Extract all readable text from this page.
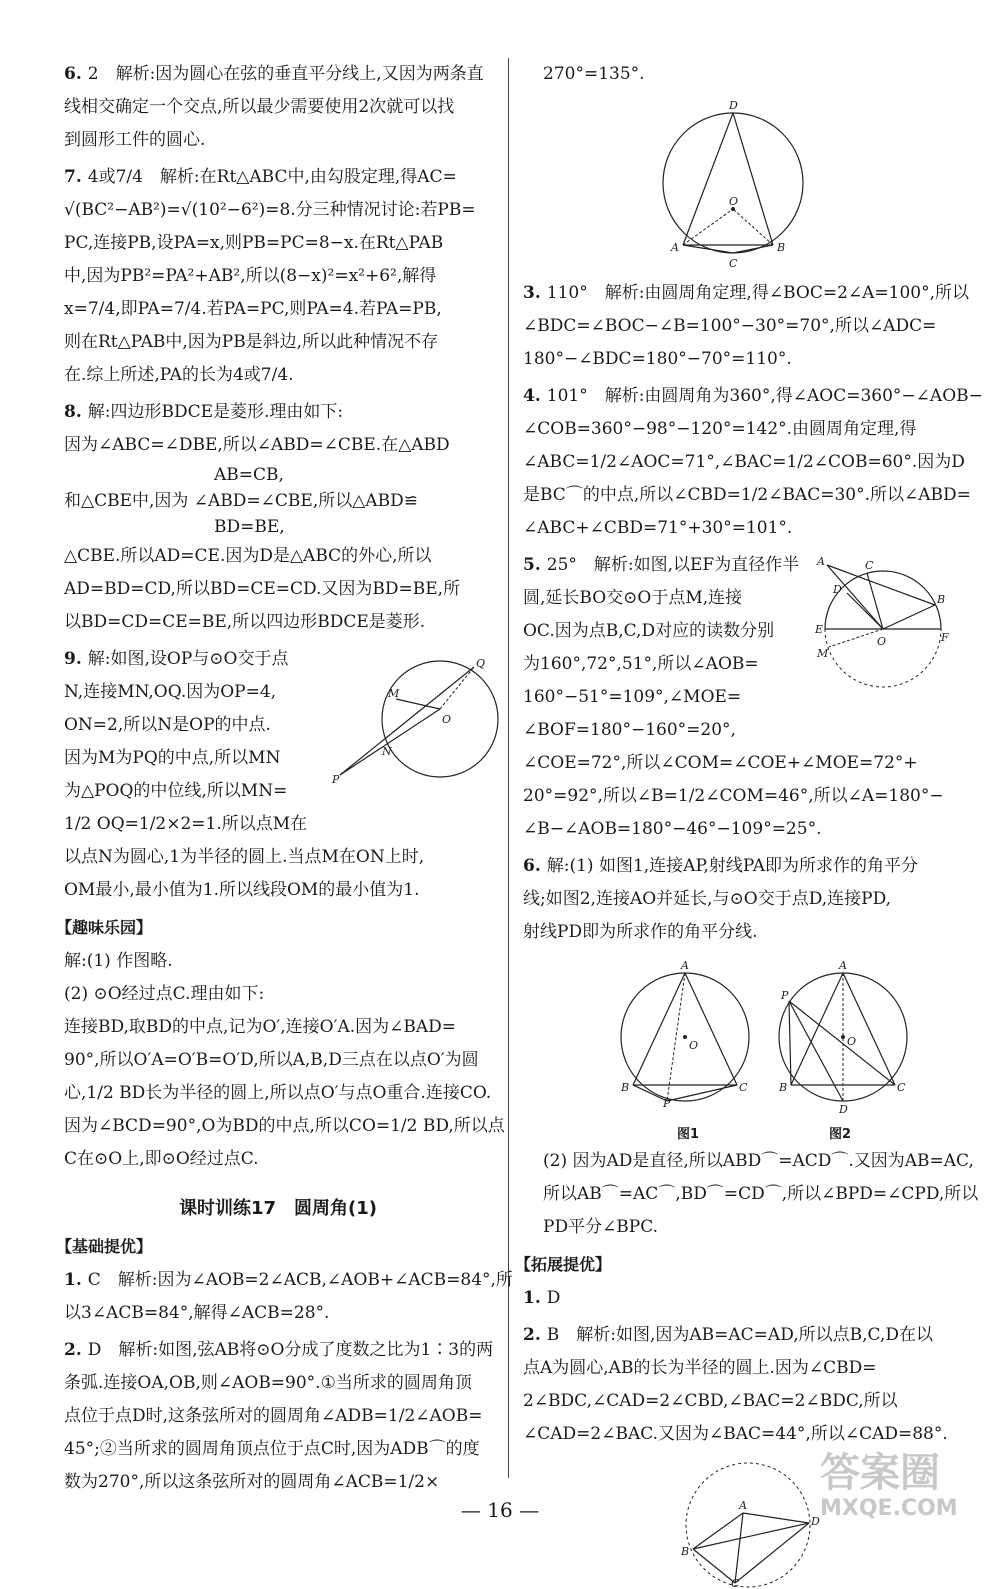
6. 2　解析:因为圆心在弦的垂直平分线上,又因为两条直
线相交确定一个交点,所以最少需要使用2次就可以找
到圆形工件的圆心.
7. 4或7/4　解析:在Rt△ABC中,由勾股定理,得AC=
√(BC²−AB²)=√(10²−6²)=8.分三种情况讨论:若PB=
PC,连接PB,设PA=x,则PB=PC=8−x.在Rt△PAB
中,因为PB²=PA²+AB²,所以(8−x)²=x²+6²,解得
x=7/4,即PA=7/4.若PA=PC,则PA=4.若PA=PB,
则在Rt△PAB中,因为PB是斜边,所以此种情况不存
在.综上所述,PA的长为4或7/4.
8. 解:四边形BDCE是菱形.理由如下:
因为∠ABC=∠DBE,所以∠ABD=∠CBE.在△ABD
AB=CB,
和△CBE中,因为 ∠ABD=∠CBE,所以△ABD≌
BD=BE,
△CBE.所以AD=CE.因为D是△ABC的外心,所以
AD=BD=CD,所以BD=CE=CD.又因为BD=BE,所
以BD=CD=CE=BE,所以四边形BDCE是菱形.
P
Q
M
O
N
9. 解:如图,设OP与⊙O交于点
N,连接MN,OQ.因为OP=4,
ON=2,所以N是OP的中点.
因为M为PQ的中点,所以MN
为△POQ的中位线,所以MN=
1/2 OQ=1/2×2=1.所以点M在
以点N为圆心,1为半径的圆上.当点M在ON上时,
OM最小,最小值为1.所以线段OM的最小值为1.
【趣味乐园】
解:(1) 作图略.
(2) ⊙O经过点C.理由如下:
连接BD,取BD的中点,记为O′,连接O′A.因为∠BAD=
90°,所以O′A=O′B=O′D,所以A,B,D三点在以点O′为圆
心,1/2 BD长为半径的圆上,所以点O′与点O重合.连接CO.
因为∠BCD=90°,O为BD的中点,所以CO=1/2 BD,所以点
C在⊙O上,即⊙O经过点C.
课时训练17　圆周角(1)
【基础提优】
1. C　解析:因为∠AOB=2∠ACB,∠AOB+∠ACB=84°,所
以3∠ACB=84°,解得∠ACB=28°.
2. D　解析:如图,弦AB将⊙O分成了度数之比为1∶3的两
条弧.连接OA,OB,则∠AOB=90°.①当所求的圆周角顶
点位于点D时,这条弦所对的圆周角∠ADB=1/2∠AOB=
45°;②当所求的圆周角顶点位于点C时,因为ADB⌒的度
数为270°,所以这条弦所对的圆周角∠ACB=1/2×
270°=135°.
D
O
A	B
C
3. 110°　解析:由圆周角定理,得∠BOC=2∠A=100°,所以
∠BDC=∠BOC−∠B=100°−30°=70°,所以∠ADC=
180°−∠BDC=180°−70°=110°.
4. 101°　解析:由圆周角为360°,得∠AOC=360°−∠AOB−
∠COB=360°−98°−120°=142°.由圆周角定理,得
∠ABC=1/2∠AOC=71°,∠BAC=1/2∠COB=60°.因为D
是BC⌒的中点,所以∠CBD=1/2∠BAC=30°.所以∠ABD=
∠ABC+∠CBD=71°+30°=101°.
A	C
D
B
E
F
O
M
5. 25°　解析:如图,以EF为直径作半
圆,延长BO交⊙O于点M,连接
OC.因为点B,C,D对应的读数分别
为160°,72°,51°,所以∠AOB=
160°−51°=109°,∠MOE=
∠BOF=180°−160°=20°,
∠COE=72°,所以∠COM=∠COE+∠MOE=72°+
20°=92°,所以∠B=1/2∠COM=46°,所以∠A=180°−
∠B−∠AOB=180°−46°−109°=25°.
6. 解:(1) 如图1,连接AP,射线PA即为所求作的角平分
线;如图2,连接AO并延长,与⊙O交于点D,连接PD,
射线PD即为所求作的角平分线.
A
O
B	C
P
A
O
P
B	C
D
图1	图2
(2) 因为AD是直径,所以ABD⌒=ACD⌒.又因为AB=AC,
所以AB⌒=AC⌒,BD⌒=CD⌒,所以∠BPD=∠CPD,所以
PD平分∠BPC.
【拓展提优】
1. D
2. B　解析:如图,因为AB=AC=AD,所以点B,C,D在以
点A为圆心,AB的长为半径的圆上.因为∠CBD=
2∠BDC,∠CAD=2∠CBD,∠BAC=2∠BDC,所以
∠CAD=2∠BAC.又因为∠BAC=44°,所以∠CAD=88°.
A
B
D
C
— 16 —
答案圈
MXQE.COM
